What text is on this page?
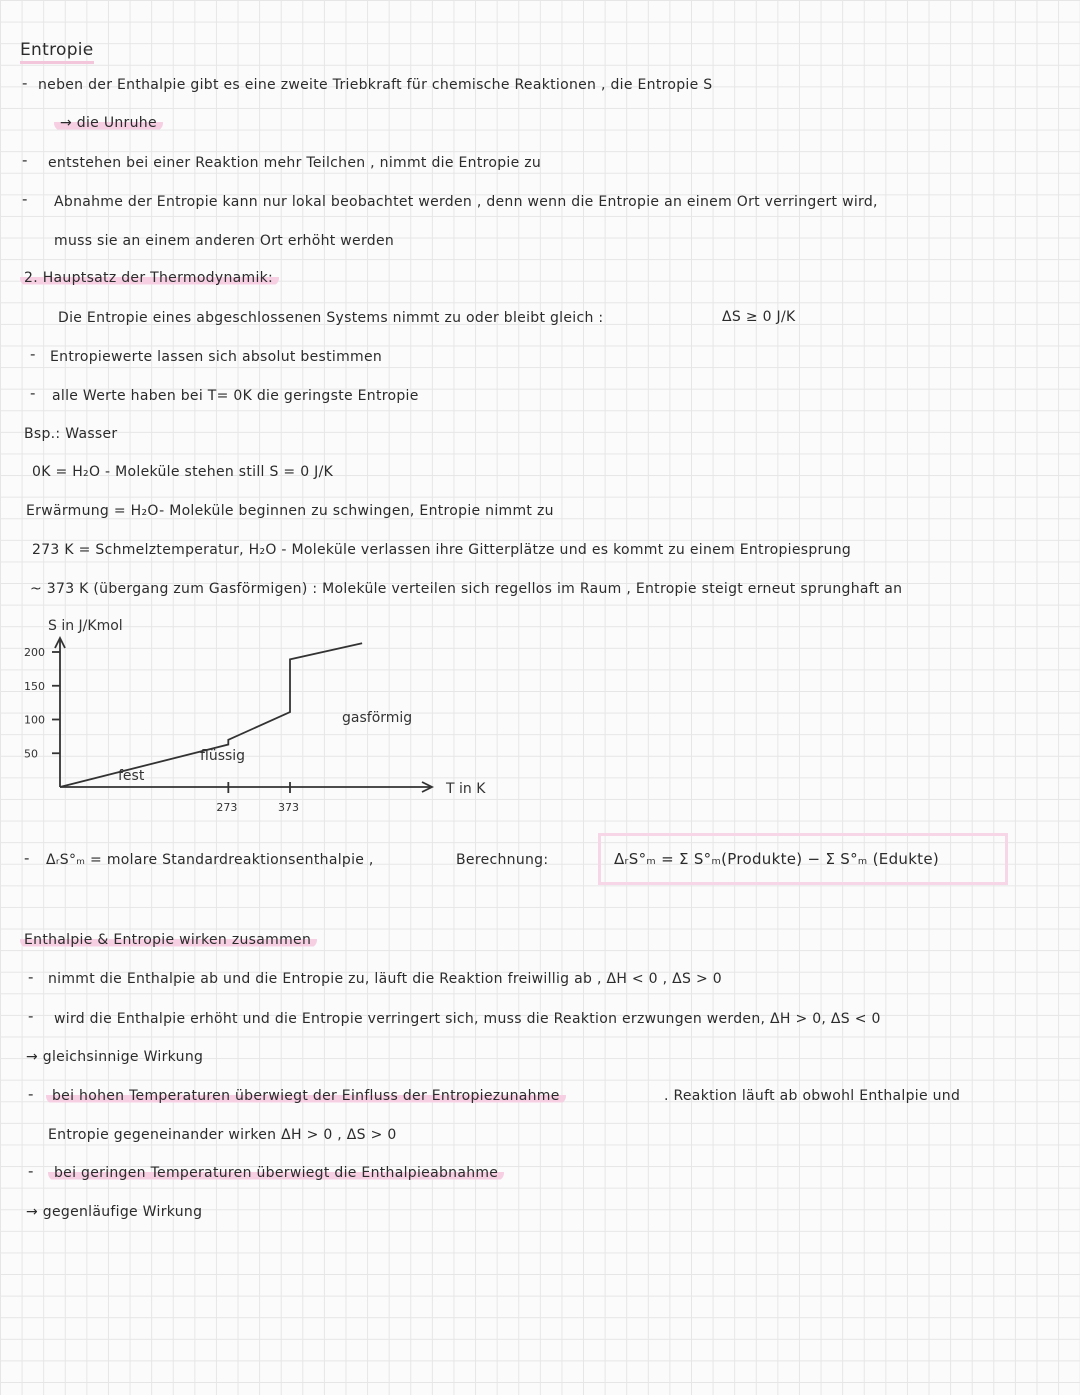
Entropie
- neben der Enthalpie gibt es eine zweite Triebkraft für chemische Reaktionen , die Entropie S
→ die Unruhe
- entstehen bei einer Reaktion mehr Teilchen , nimmt die Entropie zu
- Abnahme der Entropie kann nur lokal beobachtet werden , denn wenn die Entropie an einem Ort verringert wird,
muss sie an einem anderen Ort erhöht werden
2. Hauptsatz der Thermodynamik:
Die Entropie eines abgeschlossenen Systems nimmt zu oder bleibt gleich :	ΔS ≥ 0 J/K
- Entropiewerte lassen sich absolut bestimmen
- alle Werte haben bei T= 0K die geringste Entropie
Bsp.: Wasser
0K = H₂O - Moleküle stehen still S = 0 J/K
Erwärmung = H₂O- Moleküle beginnen zu schwingen, Entropie nimmt zu
273 K = Schmelztemperatur, H₂O - Moleküle verlassen ihre Gitterplätze und es kommt zu einem Entropiesprung
~ 373 K (übergang zum Gasförmigen) : Moleküle verteilen sich regellos im Raum , Entropie steigt erneut sprunghaft an
S in J/Kmol
T in K
50
100
150
200
273	373
fest
flüssig
gasförmig
- ΔᵣS°ₘ = molare Standardreaktionsenthalpie ,	Berechnung:	ΔᵣS°ₘ = Σ S°ₘ(Produkte) − Σ S°ₘ (Edukte)
Enthalpie & Entropie wirken zusammen
- nimmt die Enthalpie ab und die Entropie zu, läuft die Reaktion freiwillig ab , ΔH < 0 , ΔS > 0
- wird die Enthalpie erhöht und die Entropie verringert sich, muss die Reaktion erzwungen werden, ΔH > 0, ΔS < 0
→ gleichsinnige Wirkung
-	bei hohen Temperaturen überwiegt der Einfluss der Entropiezunahme	. Reaktion läuft ab obwohl Enthalpie und
Entropie gegeneinander wirken ΔH > 0 , ΔS > 0
-	bei geringen Temperaturen überwiegt die Enthalpieabnahme
→ gegenläufige Wirkung
